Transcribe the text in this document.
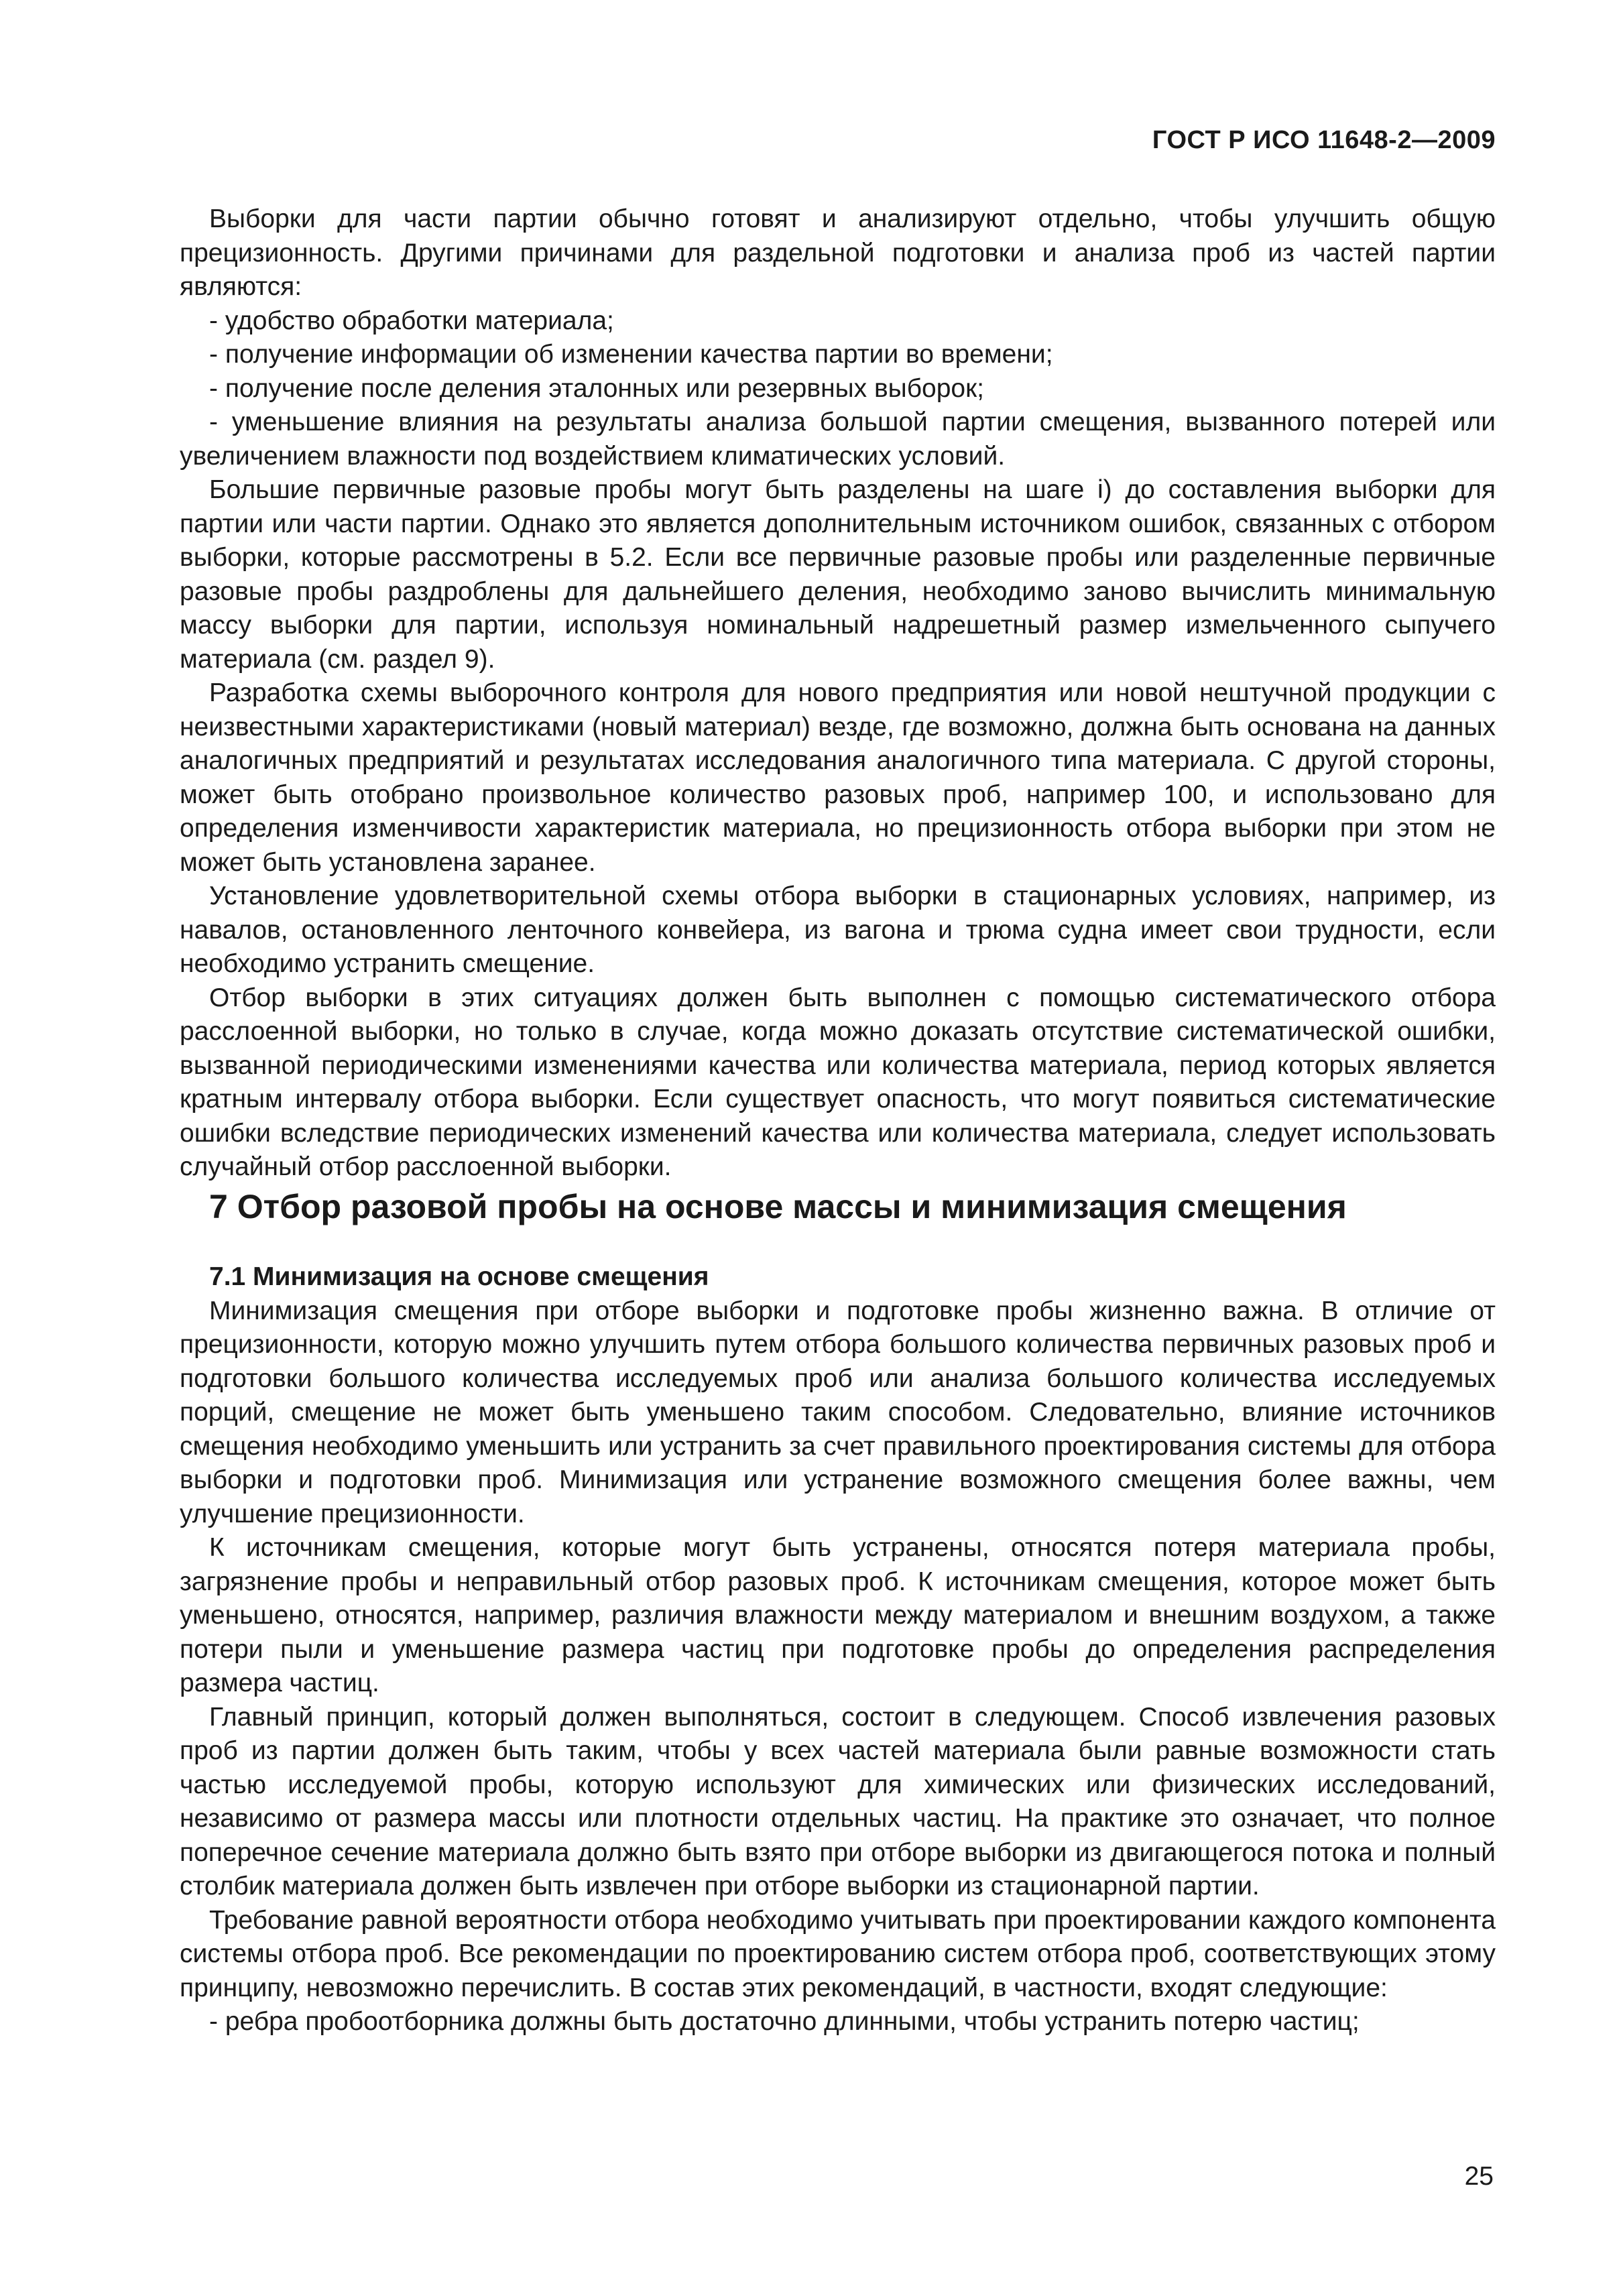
ГОСТ Р ИСО 11648-2—2009

Выборки для части партии обычно готовят и анализируют отдельно, чтобы улучшить общую прецизионность. Другими причинами для раздельной подготовки и анализа проб из частей партии являются:

- удобство обработки материала;

- получение информации об изменении качества партии во времени;

- получение после деления эталонных или резервных выборок;

- уменьшение влияния на результаты анализа большой партии смещения, вызванного потерей или увеличением влажности под воздействием климатических условий.

Большие первичные разовые пробы могут быть разделены на шаге i) до составления выборки для партии или части партии. Однако это является дополнительным источником ошибок, связанных с отбором выборки, которые рассмотрены в 5.2. Если все первичные разовые пробы или разделенные первичные разовые пробы раздроблены для дальнейшего деления, необходимо заново вычислить минимальную массу выборки для партии, используя номинальный надрешетный размер измельченного сыпучего материала (см. раздел 9).

Разработка схемы выборочного контроля для нового предприятия или новой нештучной продукции с неизвестными характеристиками (новый материал) везде, где возможно, должна быть основана на данных аналогичных предприятий и результатах исследования аналогичного типа материала. С другой стороны, может быть отобрано произвольное количество разовых проб, например 100, и использовано для определения изменчивости характеристик материала, но прецизионность отбора выборки при этом не может быть установлена заранее.

Установление удовлетворительной схемы отбора выборки в стационарных условиях, например, из навалов, остановленного ленточного конвейера, из вагона и трюма судна имеет свои трудности, если необходимо устранить смещение.

Отбор выборки в этих ситуациях должен быть выполнен с помощью систематического отбора расслоенной выборки, но только в случае, когда можно доказать отсутствие систематической ошибки, вызванной периодическими изменениями качества или количества материала, период которых является кратным интервалу отбора выборки. Если существует опасность, что могут появиться систематические ошибки вследствие периодических изменений качества или количества материала, следует использовать случайный отбор расслоенной выборки.

7 Отбор разовой пробы на основе массы и минимизация смещения
7.1 Минимизация на основе смещения

Минимизация смещения при отборе выборки и подготовке пробы жизненно важна. В отличие от прецизионности, которую можно улучшить путем отбора большого количества первичных разовых проб и подготовки большого количества исследуемых проб или анализа большого количества исследуемых порций, смещение не может быть уменьшено таким способом. Следовательно, влияние источников смещения необходимо уменьшить или устранить за счет правильного проектирования системы для отбора выборки и подготовки проб. Минимизация или устранение возможного смещения более важны, чем улучшение прецизионности.

К источникам смещения, которые могут быть устранены, относятся потеря материала пробы, загрязнение пробы и неправильный отбор разовых проб. К источникам смещения, которое может быть уменьшено, относятся, например, различия влажности между материалом и внешним воздухом, а также потери пыли и уменьшение размера частиц при подготовке пробы до определения распределения размера частиц.

Главный принцип, который должен выполняться, состоит в следующем. Способ извлечения разовых проб из партии должен быть таким, чтобы у всех частей материала были равные возможности стать частью исследуемой пробы, которую используют для химических или физических исследований, независимо от размера массы или плотности отдельных частиц. На практике это означает, что полное поперечное сечение материала должно быть взято при отборе выборки из двигающегося потока и полный столбик материала должен быть извлечен при отборе выборки из стационарной партии.

Требование равной вероятности отбора необходимо учитывать при проектировании каждого компонента системы отбора проб. Все рекомендации по проектированию систем отбора проб, соответствующих этому принципу, невозможно перечислить. В состав этих рекомендаций, в частности, входят следующие:

- ребра пробоотборника должны быть достаточно длинными, чтобы устранить потерю частиц;

25
